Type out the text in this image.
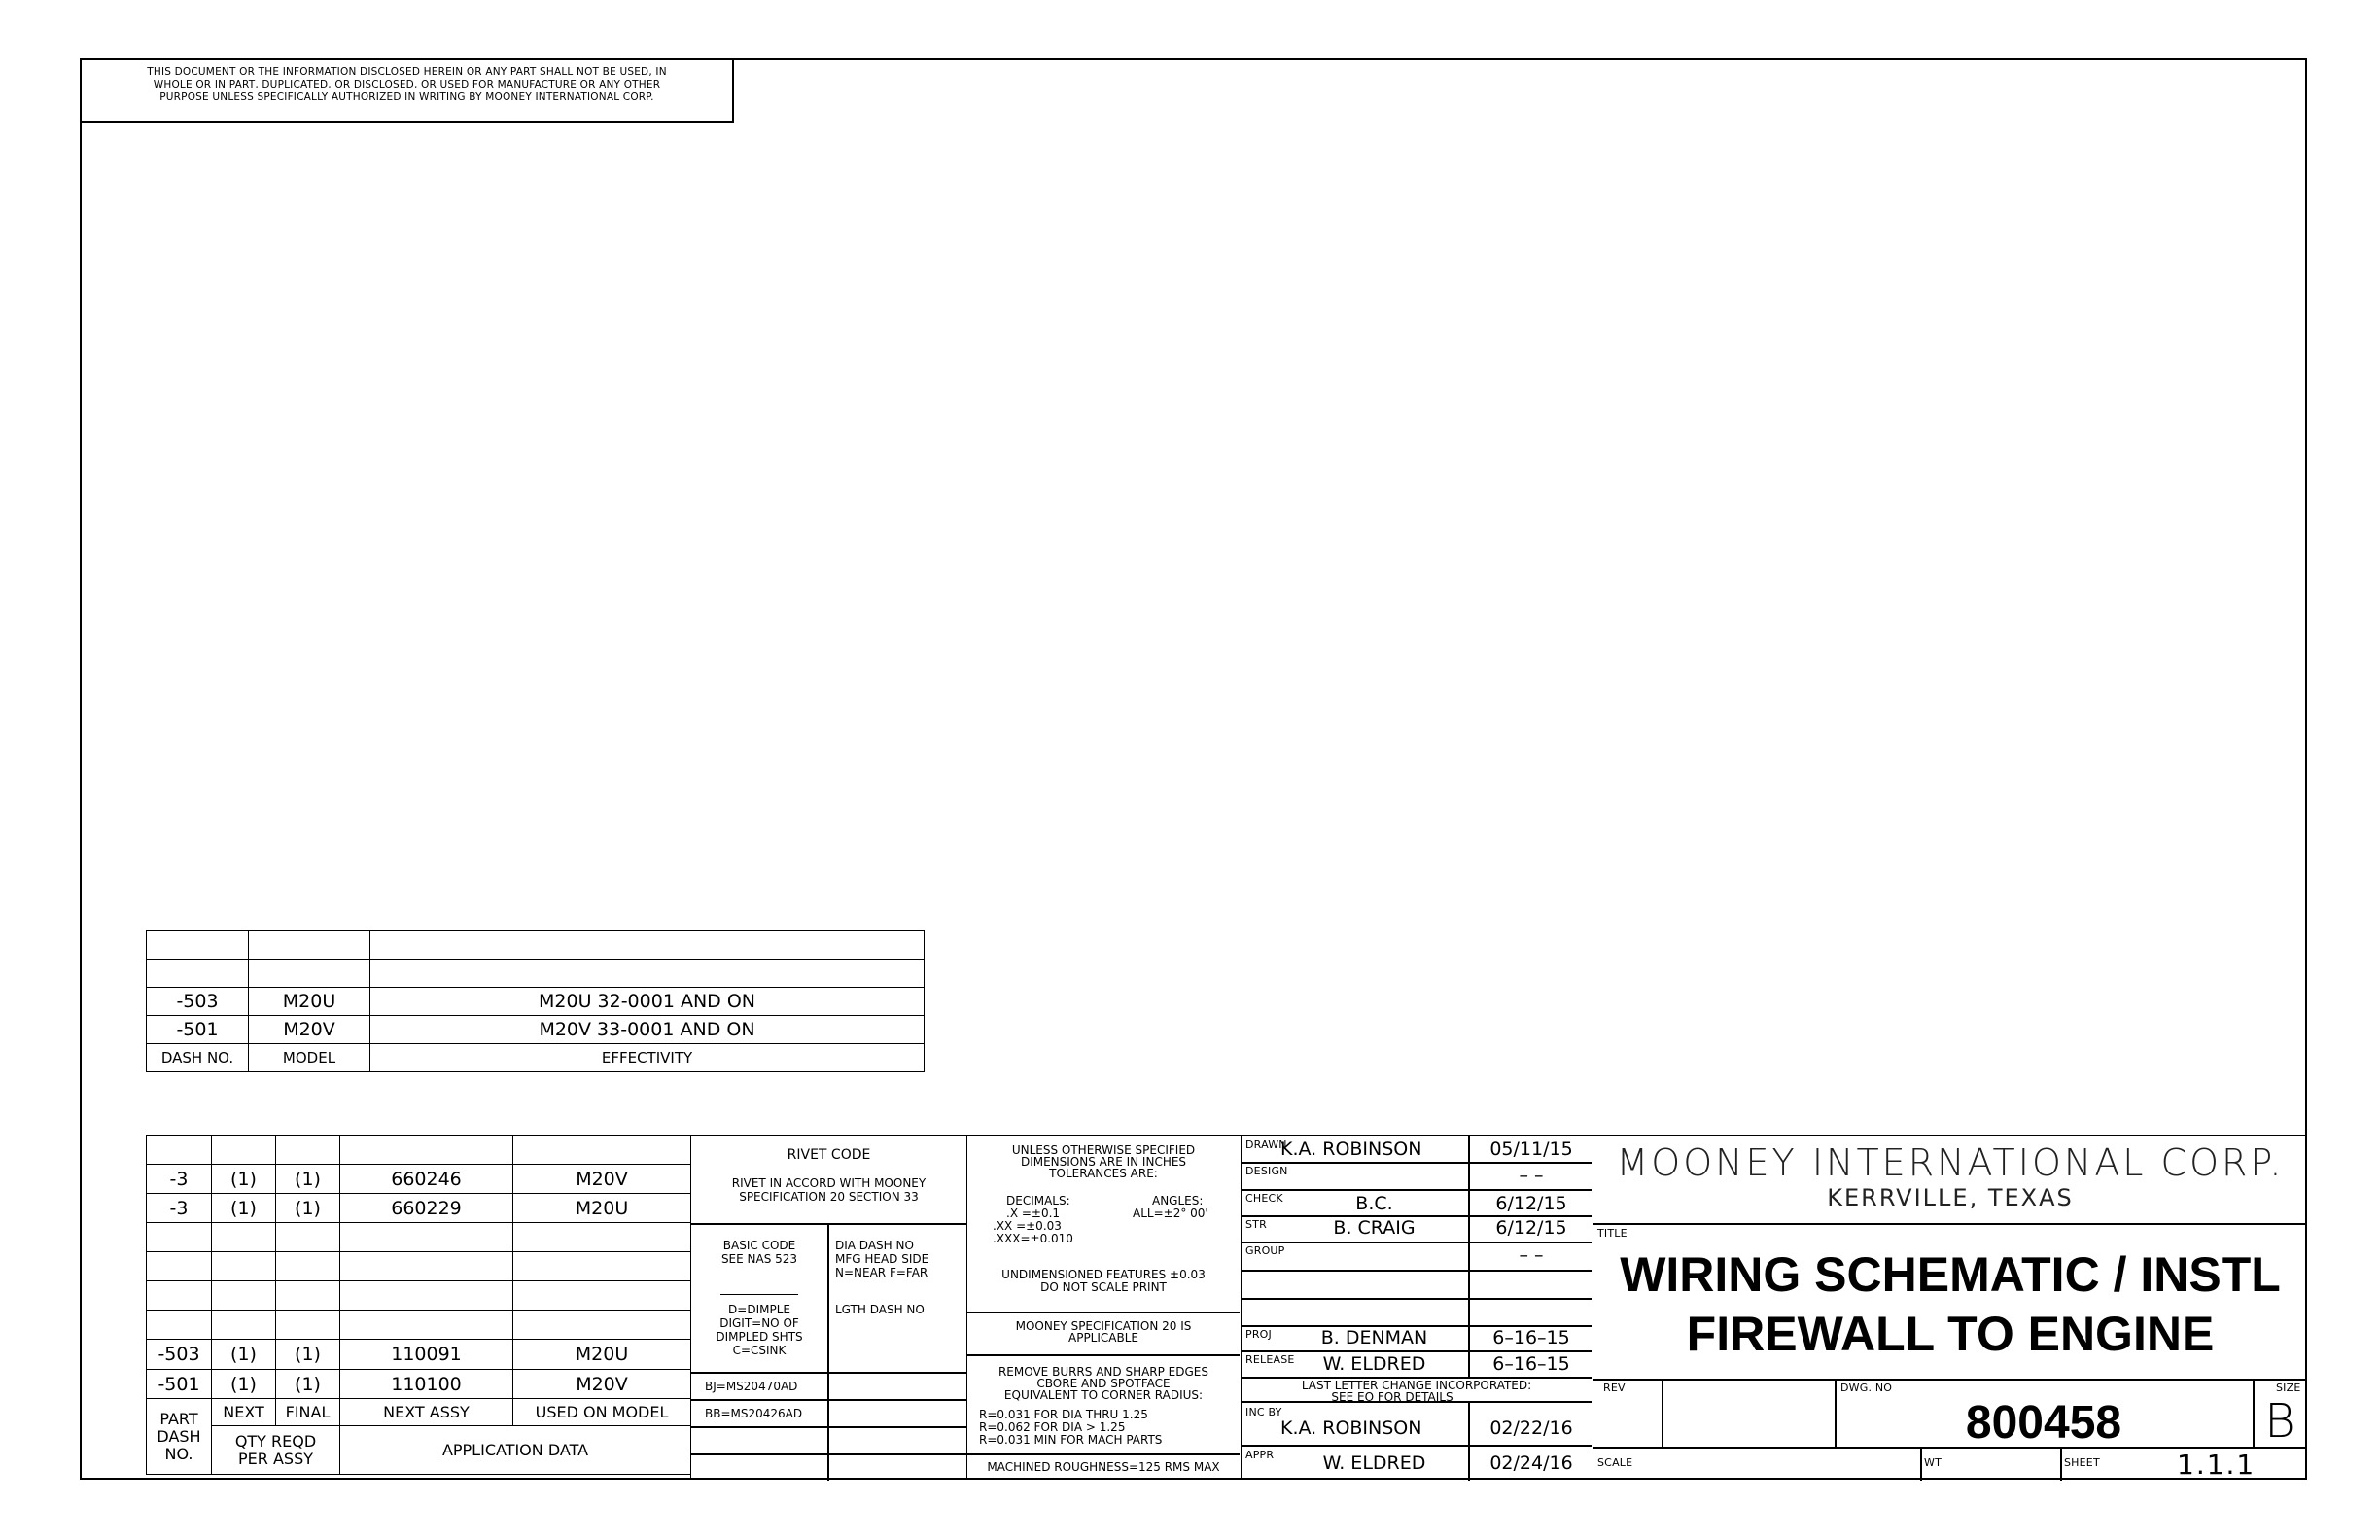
THIS DOCUMENT OR THE INFORMATION DISCLOSED HEREIN OR ANY PART SHALL NOT BE USED, IN
WHOLE OR IN PART, DUPLICATED, OR DISCLOSED, OR USED FOR MANUFACTURE OR ANY OTHER
PURPOSE UNLESS SPECIFICALLY AUTHORIZED IN WRITING BY MOONEY INTERNATIONAL CORP.

-503	M20U	M20U 32-0001 AND ON
-501	M20V	M20V 33-0001 AND ON
DASH NO.	MODEL	EFFECTIVITY

-3	(1)	(1)	660246	M20V
-3	(1)	(1)	660229	M20U

-503	(1)	(1)	110091	M20U
-501	(1)	(1)	110100	M20V
PART DASH NO.	NEXT	FINAL	NEXT ASSY	USED ON MODEL
	QTY REQD PER ASSY		APPLICATION DATA	
RIVET CODE
RIVET IN ACCORD WITH MOONEY
SPECIFICATION 20 SECTION 33
BASIC CODE
SEE NAS 523
DIA DASH NO
MFG HEAD SIDE
N=NEAR F=FAR
D=DIMPLE
DIGIT=NO OF
DIMPLED SHTS
C=CSINK
LGTH DASH NO
BJ=MS20470AD
BB=MS20426AD
UNLESS OTHERWISE SPECIFIED
DIMENSIONS ARE IN INCHES
TOLERANCES ARE:
DECIMALS:	ANGLES:
.X =±0.1	ALL=±2° 00'
.XX =±0.03
.XXX=±0.010
UNDIMENSIONED FEATURES ±0.03
DO NOT SCALE PRINT
MOONEY SPECIFICATION 20 IS
APPLICABLE
REMOVE BURRS AND SHARP EDGES
CBORE AND SPOTFACE
EQUIVALENT TO CORNER RADIUS:
R=0.031 FOR DIA THRU 1.25
R=0.062 FOR DIA > 1.25
R=0.031 MIN FOR MACH PARTS
MACHINED ROUGHNESS=125 RMS MAX
DRAWN
K.A. ROBINSON	05/11/15
DESIGN	– –
CHECK	B.C.	6/12/15
STR	B. CRAIG	6/12/15
GROUP	– –
PROJ	B. DENMAN	6–16–15
RELEASE	W. ELDRED	6–16–15
LAST LETTER CHANGE INCORPORATED:
SEE EO FOR DETAILS
INC BY
K.A. ROBINSON	02/22/16
APPR	W. ELDRED	02/24/16
MOONEY INTERNATIONAL CORP.
KERRVILLE, TEXAS
TITLE
WIRING SCHEMATIC / INSTL
FIREWALL TO ENGINE
REV	DWG. NO
800458
SIZE
B
SCALE	WT	SHEET	1.1.1
